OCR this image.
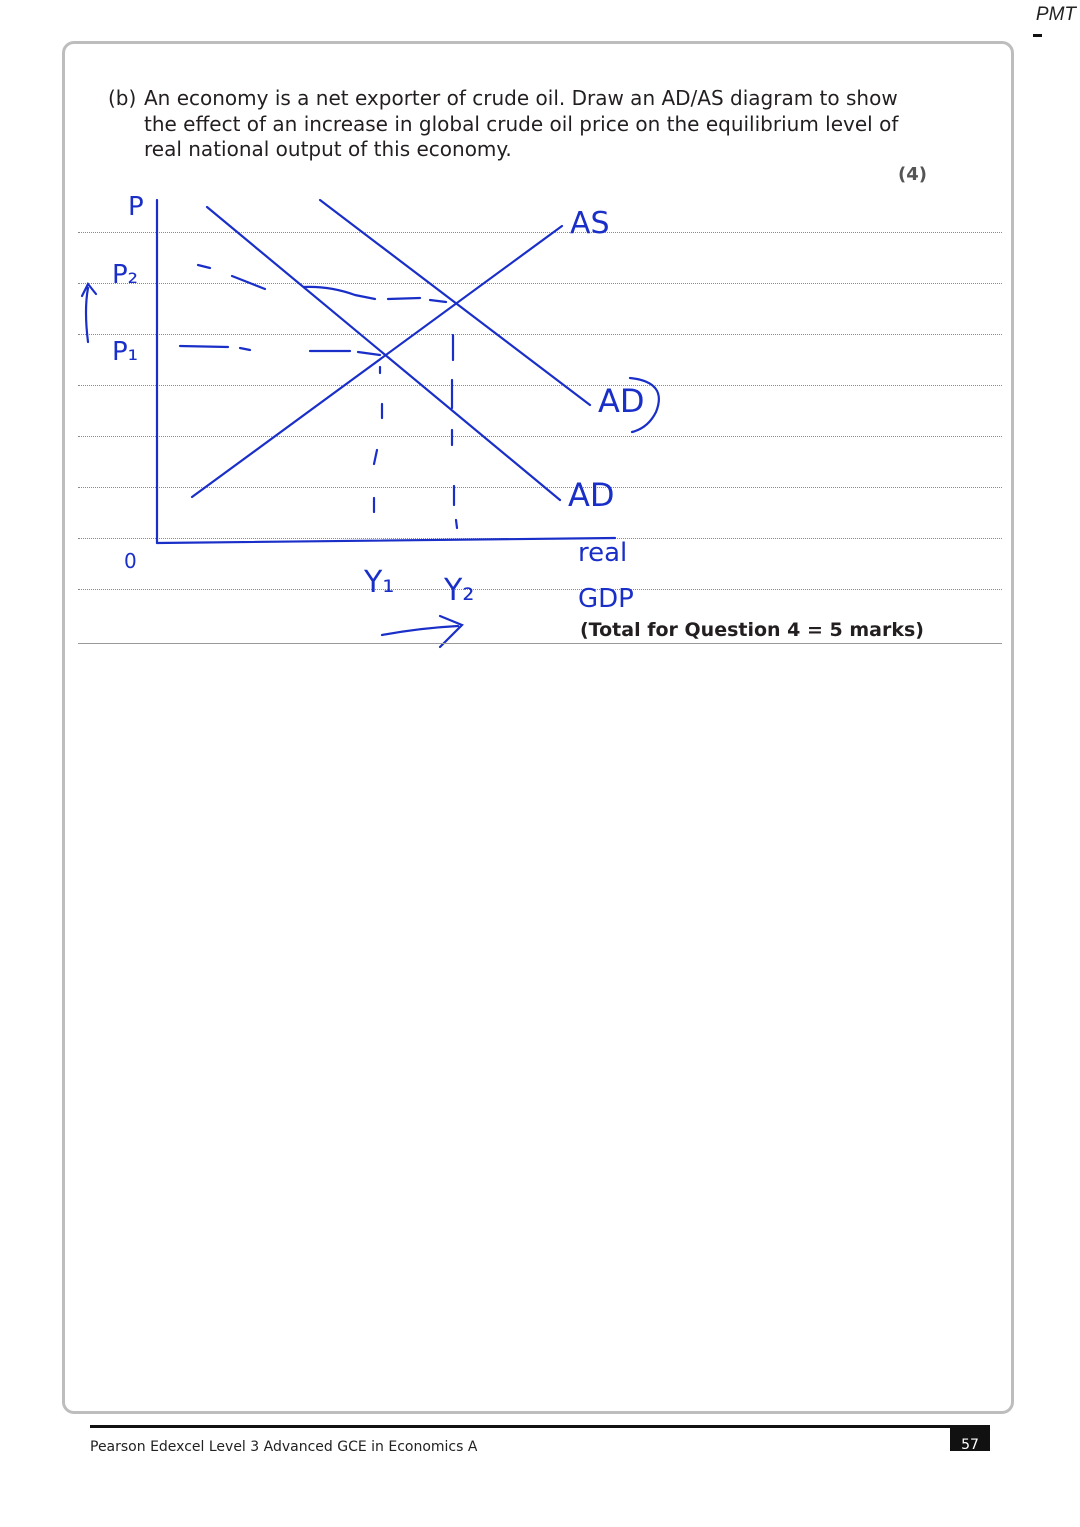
PMT
(b) An economy is a net exporter of crude oil. Draw an AD/AS diagram to show the effect of an increase in global crude oil price on the equilibrium level of real national output of this economy.
(4)
P
P₂
P₁
0
AS
AD
AD
real
GDP
Y₁ Y₂
(Total for Question 4 = 5 marks)
Pearson Edexcel Level 3 Advanced GCE in Economics A	57
